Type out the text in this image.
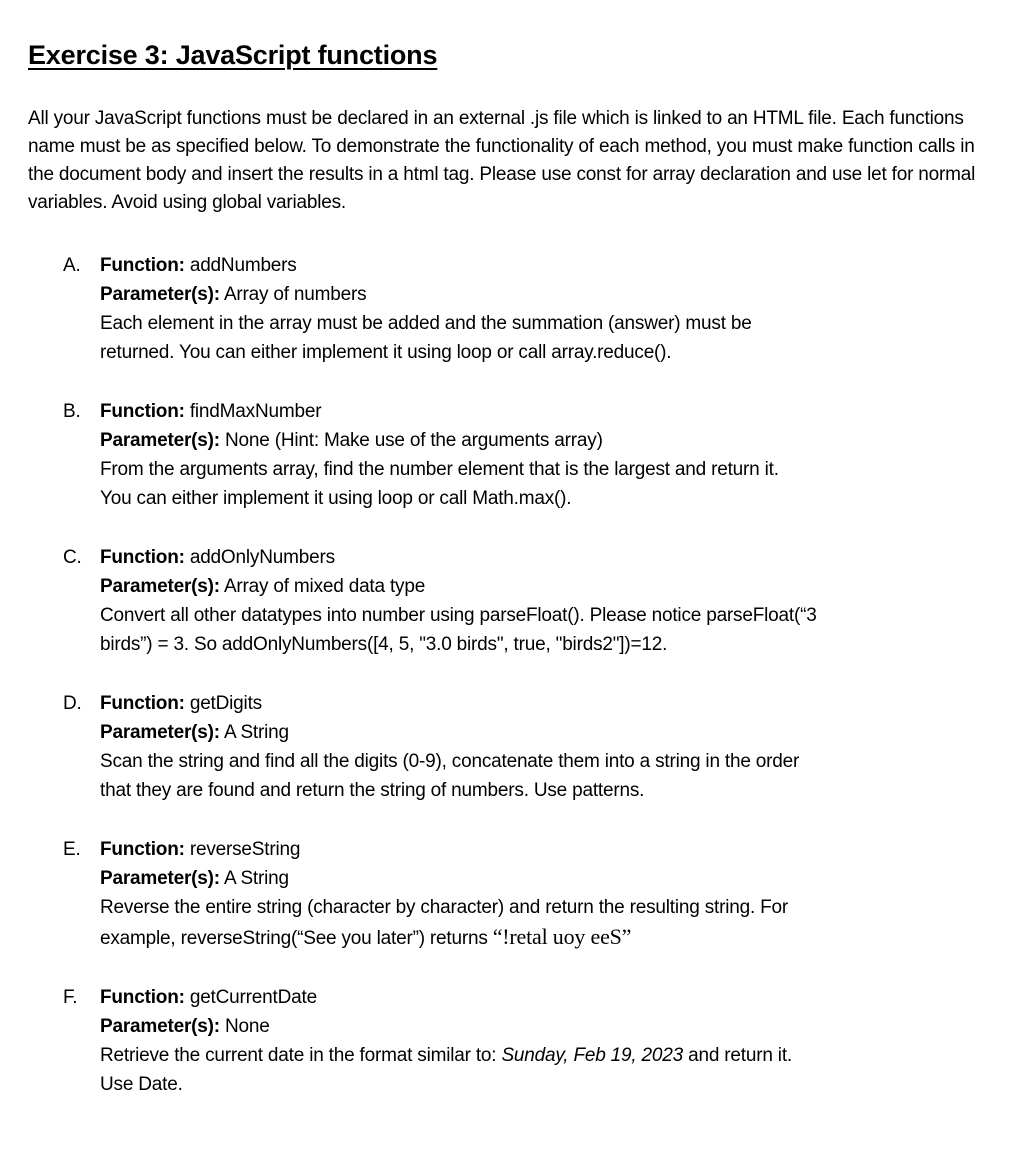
Exercise 3: JavaScript functions

All your JavaScript functions must be declared in an external .js file which is linked to an HTML file. Each functions name must be as specified below. To demonstrate the functionality of each method, you must make function calls in the document body and insert the results in a html tag. Please use const for array declaration and use let for normal variables. Avoid using global variables.

A. Function: addNumbers
Parameter(s): Array of numbers
Each element in the array must be added and the summation (answer) must be
returned. You can either implement it using loop or call array.reduce().
B. Function: findMaxNumber
Parameter(s): None (Hint: Make use of the arguments array)
From the arguments array, find the number element that is the largest and return it.
You can either implement it using loop or call Math.max().
C. Function: addOnlyNumbers
Parameter(s): Array of mixed data type
Convert all other datatypes into number using parseFloat(). Please notice parseFloat(“3
birds”) = 3. So addOnlyNumbers([4, 5, "3.0 birds", true, "birds2"])=12.
D. Function: getDigits
Parameter(s): A String
Scan the string and find all the digits (0-9), concatenate them into a string in the order
that they are found and return the string of numbers. Use patterns.
E. Function: reverseString
Parameter(s): A String
Reverse the entire string (character by character) and return the resulting string. For
example, reverseString(“See you later”) returns “!retal uoy eeS”
F. Function: getCurrentDate
Parameter(s): None
Retrieve the current date in the format similar to: Sunday, Feb 19, 2023 and return it.
Use Date.
